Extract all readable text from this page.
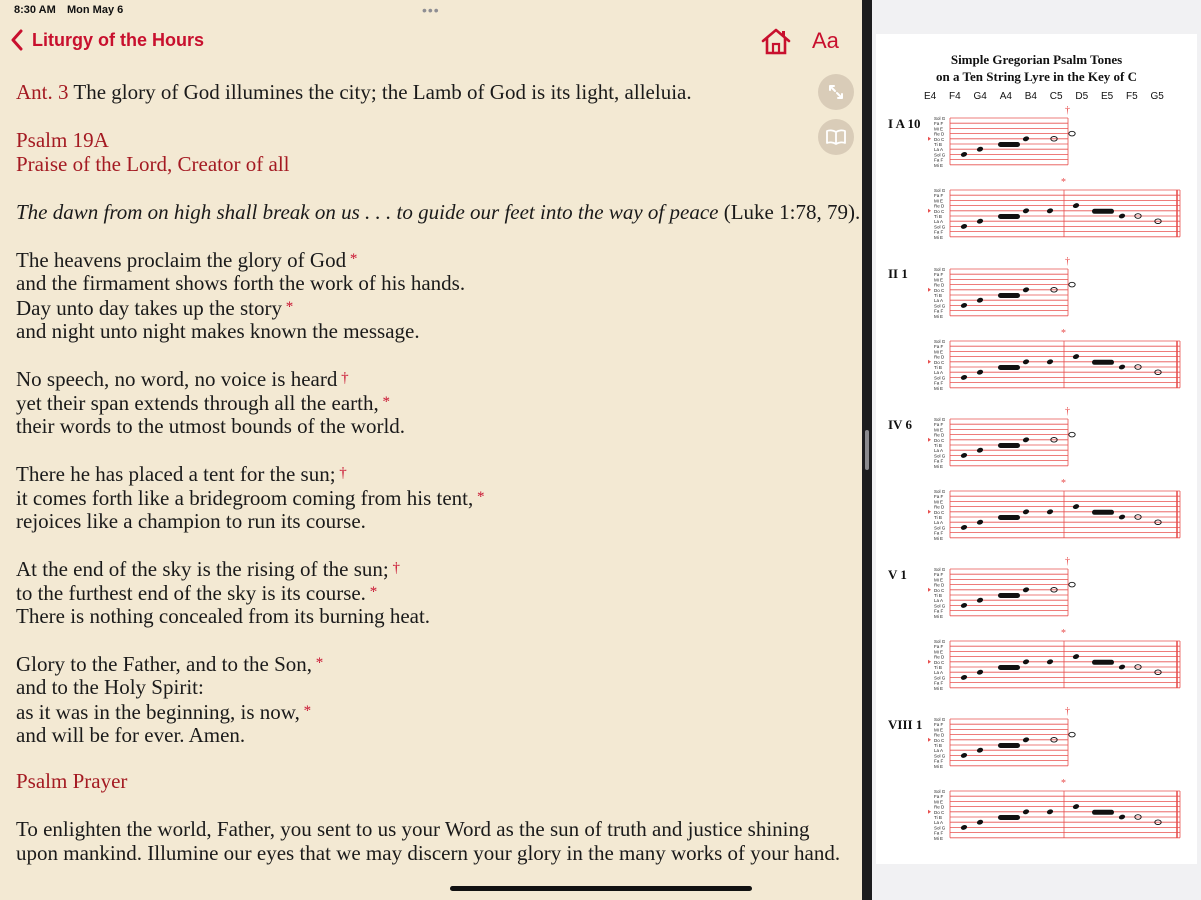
8:30 AM Mon May 6	•••
Liturgy of the Hours	Aa
Ant. 3 The glory of God illumines the city; the Lamb of God is its light, alleluia.
Psalm 19A
Praise of the Lord, Creator of all
The dawn from on high shall break on us . . . to guide our feet into the way of peace (Luke 1:78, 79).
The heavens proclaim the glory of God *
and the firmament shows forth the work of his hands.
Day unto day takes up the story *
and night unto night makes known the message.
No speech, no word, no voice is heard †
yet their span extends through all the earth, *
their words to the utmost bounds of the world.
There he has placed a tent for the sun; †
it comes forth like a bridegroom coming from his tent, *
rejoices like a champion to run its course.
At the end of the sky is the rising of the sun; †
to the furthest end of the sky is its course. *
There is nothing concealed from its burning heat.
Glory to the Father, and to the Son, *
and to the Holy Spirit:
as it was in the beginning, is now, *
and will be for ever. Amen.
Psalm Prayer
To enlighten the world, Father, you sent to us your Word as the sun of truth and justice shining
upon mankind. Illumine our eyes that we may discern your glory in the many works of your hand.
Simple Gregorian Psalm Tones
on a Ten String Lyre in the Key of C
E4 F4 G4 A4 B4 C5 D5 E5 F5 G5
I A 10
II 1
IV 6
V 1
VIII 1
Sol G
Fa F
Mi E
Re D
Do C
Ti B
La A
Sol G
Fa F
Mi E
†
Sol G
Fa F
Mi E
Re D
Do C
Ti B
La A
Sol G
Fa F
Mi E
*
Sol G
Fa F
Mi E
Re D
Do C
Ti B
La A
Sol G
Fa F
Mi E
†
Sol G
Fa F
Mi E
Re D
Do C
Ti B
La A
Sol G
Fa F
Mi E
*
Sol G
Fa F
Mi E
Re D
Do C
Ti B
La A
Sol G
Fa F
Mi E
†
Sol G
Fa F
Mi E
Re D
Do C
Ti B
La A
Sol G
Fa F
Mi E
*
Sol G
Fa F
Mi E
Re D
Do C
Ti B
La A
Sol G
Fa F
Mi E
†
Sol G
Fa F
Mi E
Re D
Do C
Ti B
La A
Sol G
Fa F
Mi E
*
Sol G
Fa F
Mi E
Re D
Do C
Ti B
La A
Sol G
Fa F
Mi E
†
Sol G
Fa F
Mi E
Re D
Do C
Ti B
La A
Sol G
Fa F
Mi E
*
